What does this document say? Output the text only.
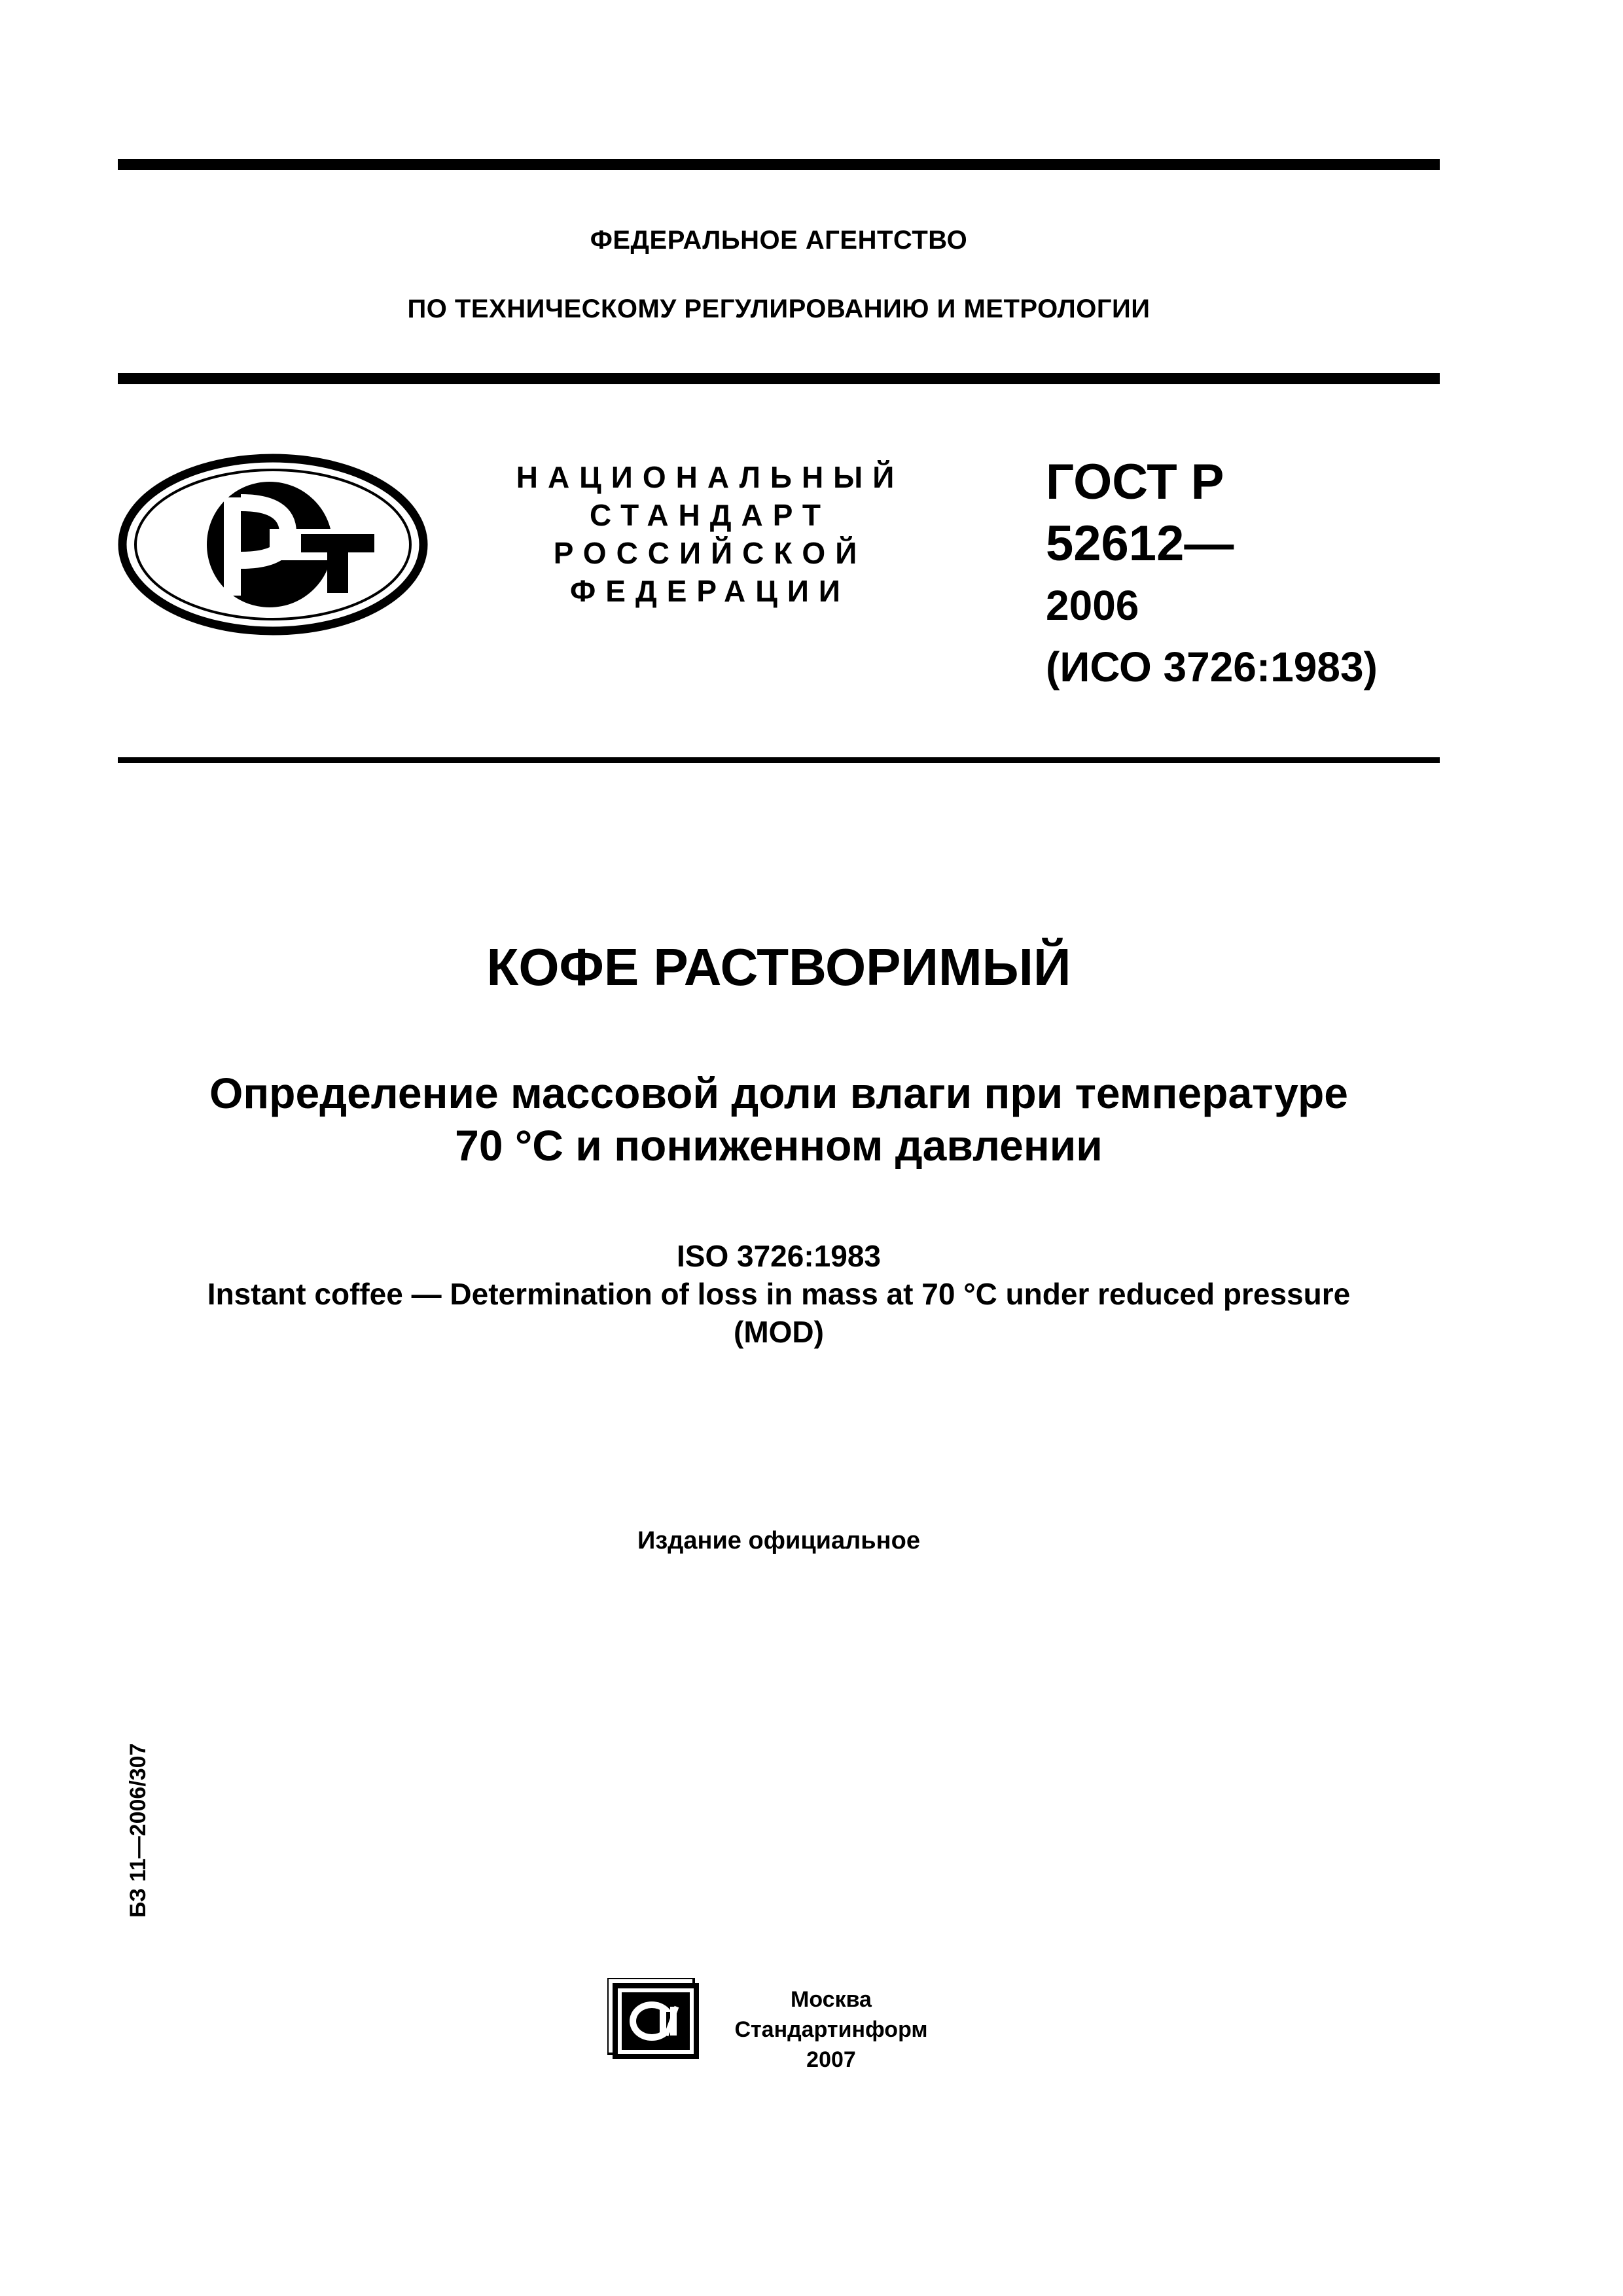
ФЕДЕРАЛЬНОЕ АГЕНТСТВО
ПО ТЕХНИЧЕСКОМУ РЕГУЛИРОВАНИЮ И МЕТРОЛОГИИ
НАЦИОНАЛЬНЫЙ
СТАНДАРТ
РОССИЙСКОЙ
ФЕДЕРАЦИИ
ГОСТ Р
52612—
2006
(ИСО 3726:1983)
КОФЕ РАСТВОРИМЫЙ
Определение массовой доли влаги при температуре
70 °С и пониженном давлении
ISO 3726:1983
Instant coffee — Determination of loss in mass at 70 °C under reduced pressure
(MOD)
Издание официальное
БЗ 11—2006/307
Москва
Стандартинформ
2007
